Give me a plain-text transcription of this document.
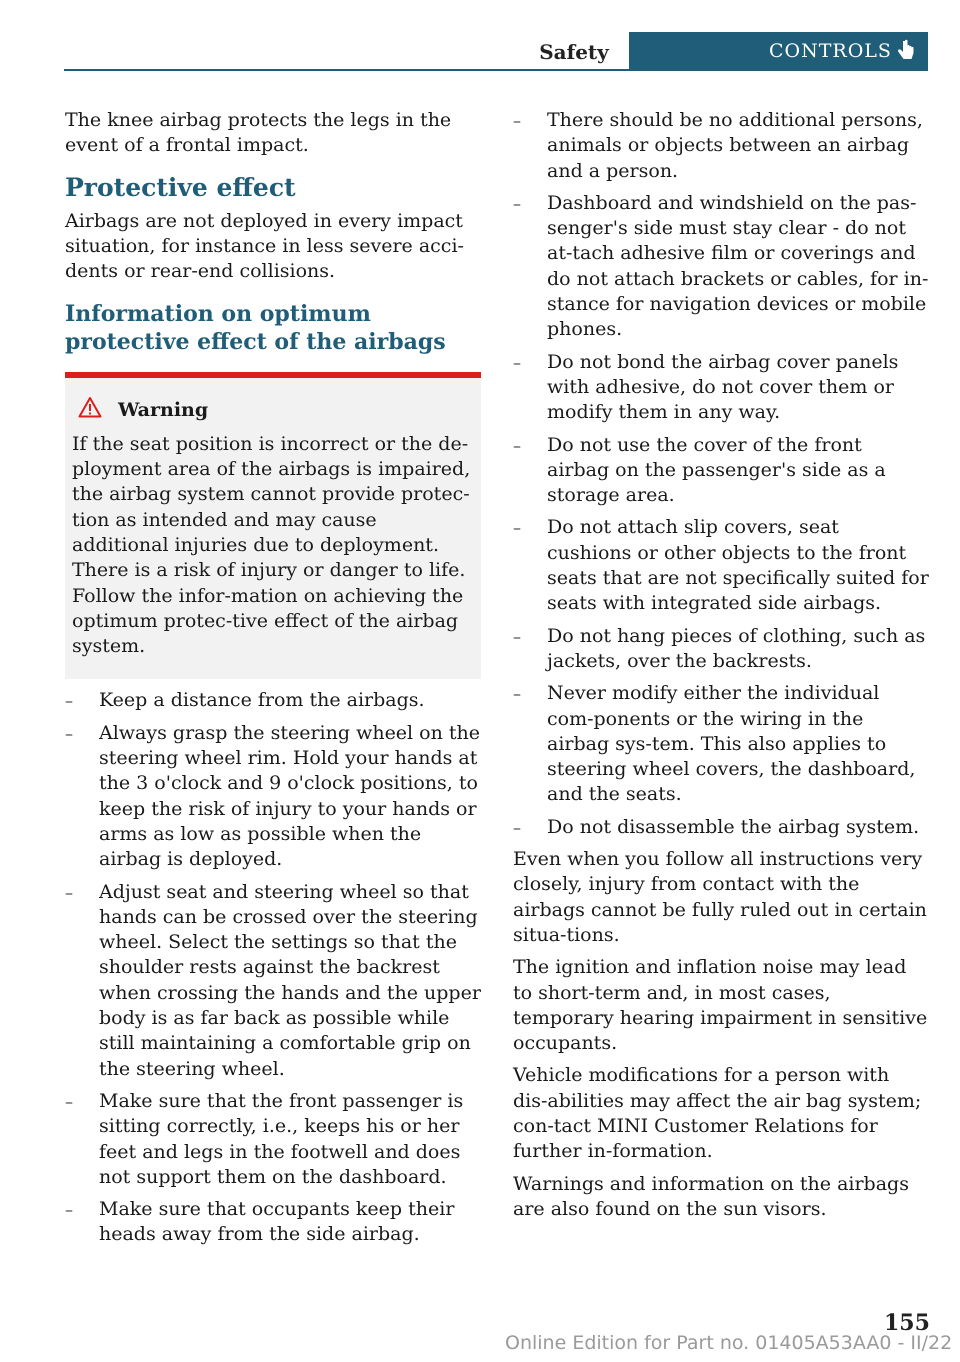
Safety	CONTROLS

The knee airbag protects the legs in the event of a frontal impact.

Protective effect

Airbags are not deployed in every impact situation, for instance in less severe acci-dents or rear-end collisions.

Information on optimum protective effect of the airbags
Warning

If the seat position is incorrect or the de-ployment area of the airbags is impaired, the airbag system cannot provide protec-tion as intended and may cause additional injuries due to deployment. There is a risk of injury or danger to life. Follow the infor-mation on achieving the optimum protec-tive effect of the airbag system.

– Keep a distance from the airbags.
– Always grasp the steering wheel on the steering wheel rim. Hold your hands at the 3 o'clock and 9 o'clock positions, to keep the risk of injury to your hands or arms as low as possible when the airbag is deployed.
– Adjust seat and steering wheel so that hands can be crossed over the steering wheel. Select the settings so that the shoulder rests against the backrest when crossing the hands and the upper body is as far back as possible while still maintaining a comfortable grip on the steering wheel.
– Make sure that the front passenger is sitting correctly, i.e., keeps his or her feet and legs in the footwell and does not support them on the dashboard.
– Make sure that occupants keep their heads away from the side airbag.
– There should be no additional persons, animals or objects between an airbag and a person.
– Dashboard and windshield on the pas-senger's side must stay clear - do not at-tach adhesive film or coverings and do not attach brackets or cables, for in-stance for navigation devices or mobile phones.
– Do not bond the airbag cover panels with adhesive, do not cover them or modify them in any way.
– Do not use the cover of the front airbag on the passenger's side as a storage area.
– Do not attach slip covers, seat cushions or other objects to the front seats that are not specifically suited for seats with integrated side airbags.
– Do not hang pieces of clothing, such as jackets, over the backrests.
– Never modify either the individual com-ponents or the wiring in the airbag sys-tem. This also applies to steering wheel covers, the dashboard, and the seats.
– Do not disassemble the airbag system.

Even when you follow all instructions very closely, injury from contact with the airbags cannot be fully ruled out in certain situa-tions.

The ignition and inflation noise may lead to short-term and, in most cases, temporary hearing impairment in sensitive occupants.

Vehicle modifications for a person with dis-abilities may affect the air bag system; con-tact MINI Customer Relations for further in-formation.

Warnings and information on the airbags are also found on the sun visors.

155
Online Edition for Part no. 01405A53AA0 - II/22
